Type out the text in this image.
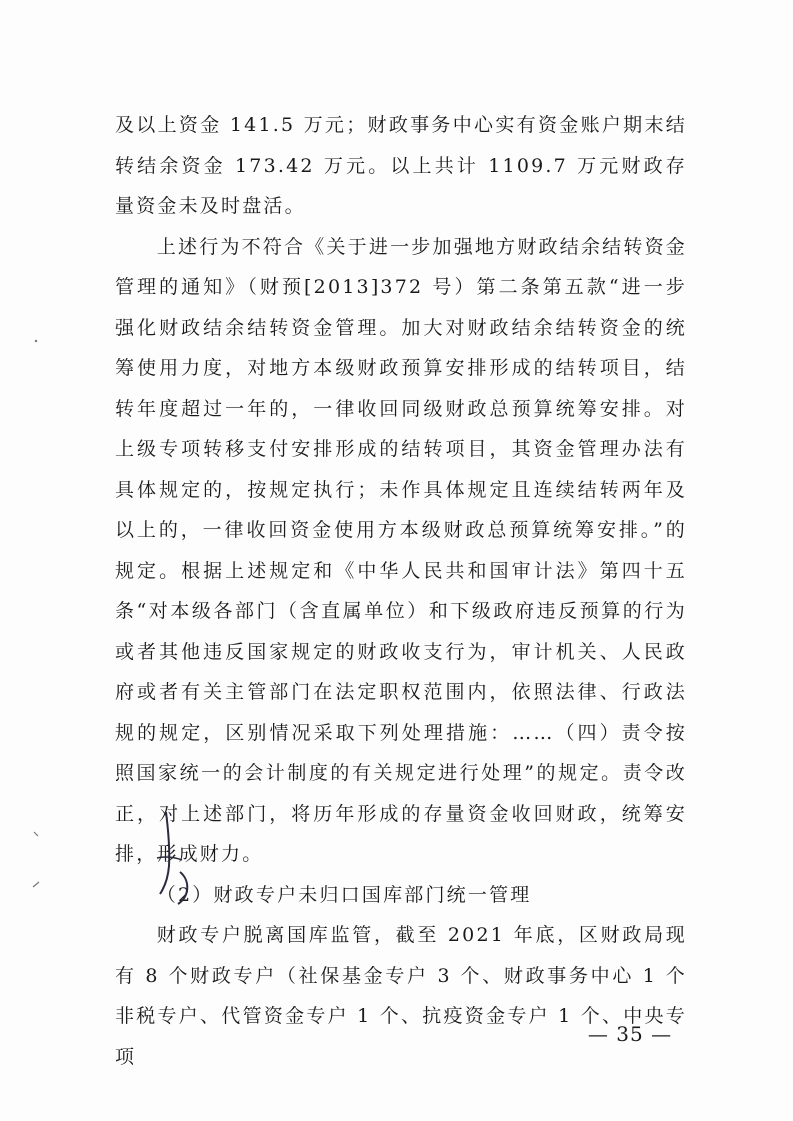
及以上资金 141.5 万元；财政事务中心实有资金账户期末结转结余资金 173.42 万元。以上共计 1109.7 万元财政存量资金未及时盘活。

上述行为不符合《关于进一步加强地方财政结余结转资金管理的通知》（财预[2013]372 号）第二条第五款“进一步强化财政结余结转资金管理。加大对财政结余结转资金的统筹使用力度，对地方本级财政预算安排形成的结转项目，结转年度超过一年的，一律收回同级财政总预算统筹安排。对上级专项转移支付安排形成的结转项目，其资金管理办法有具体规定的，按规定执行；未作具体规定且连续结转两年及以上的，一律收回资金使用方本级财政总预算统筹安排。”的规定。根据上述规定和《中华人民共和国审计法》第四十五条“对本级各部门（含直属单位）和下级政府违反预算的行为或者其他违反国家规定的财政收支行为，审计机关、人民政府或者有关主管部门在法定职权范围内，依照法律、行政法规的规定，区别情况采取下列处理措施：……（四）责令按照国家统一的会计制度的有关规定进行处理”的规定。责令改正，对上述部门，将历年形成的存量资金收回财政，统筹安排，形成财力。

（2）财政专户未归口国库部门统一管理

财政专户脱离国库监管，截至 2021 年底，区财政局现有 8 个财政专户（社保基金专户 3 个、财政事务中心 1 个非税专户、代管资金专户 1 个、抗疫资金专户 1 个、中央专项

— 35 —
